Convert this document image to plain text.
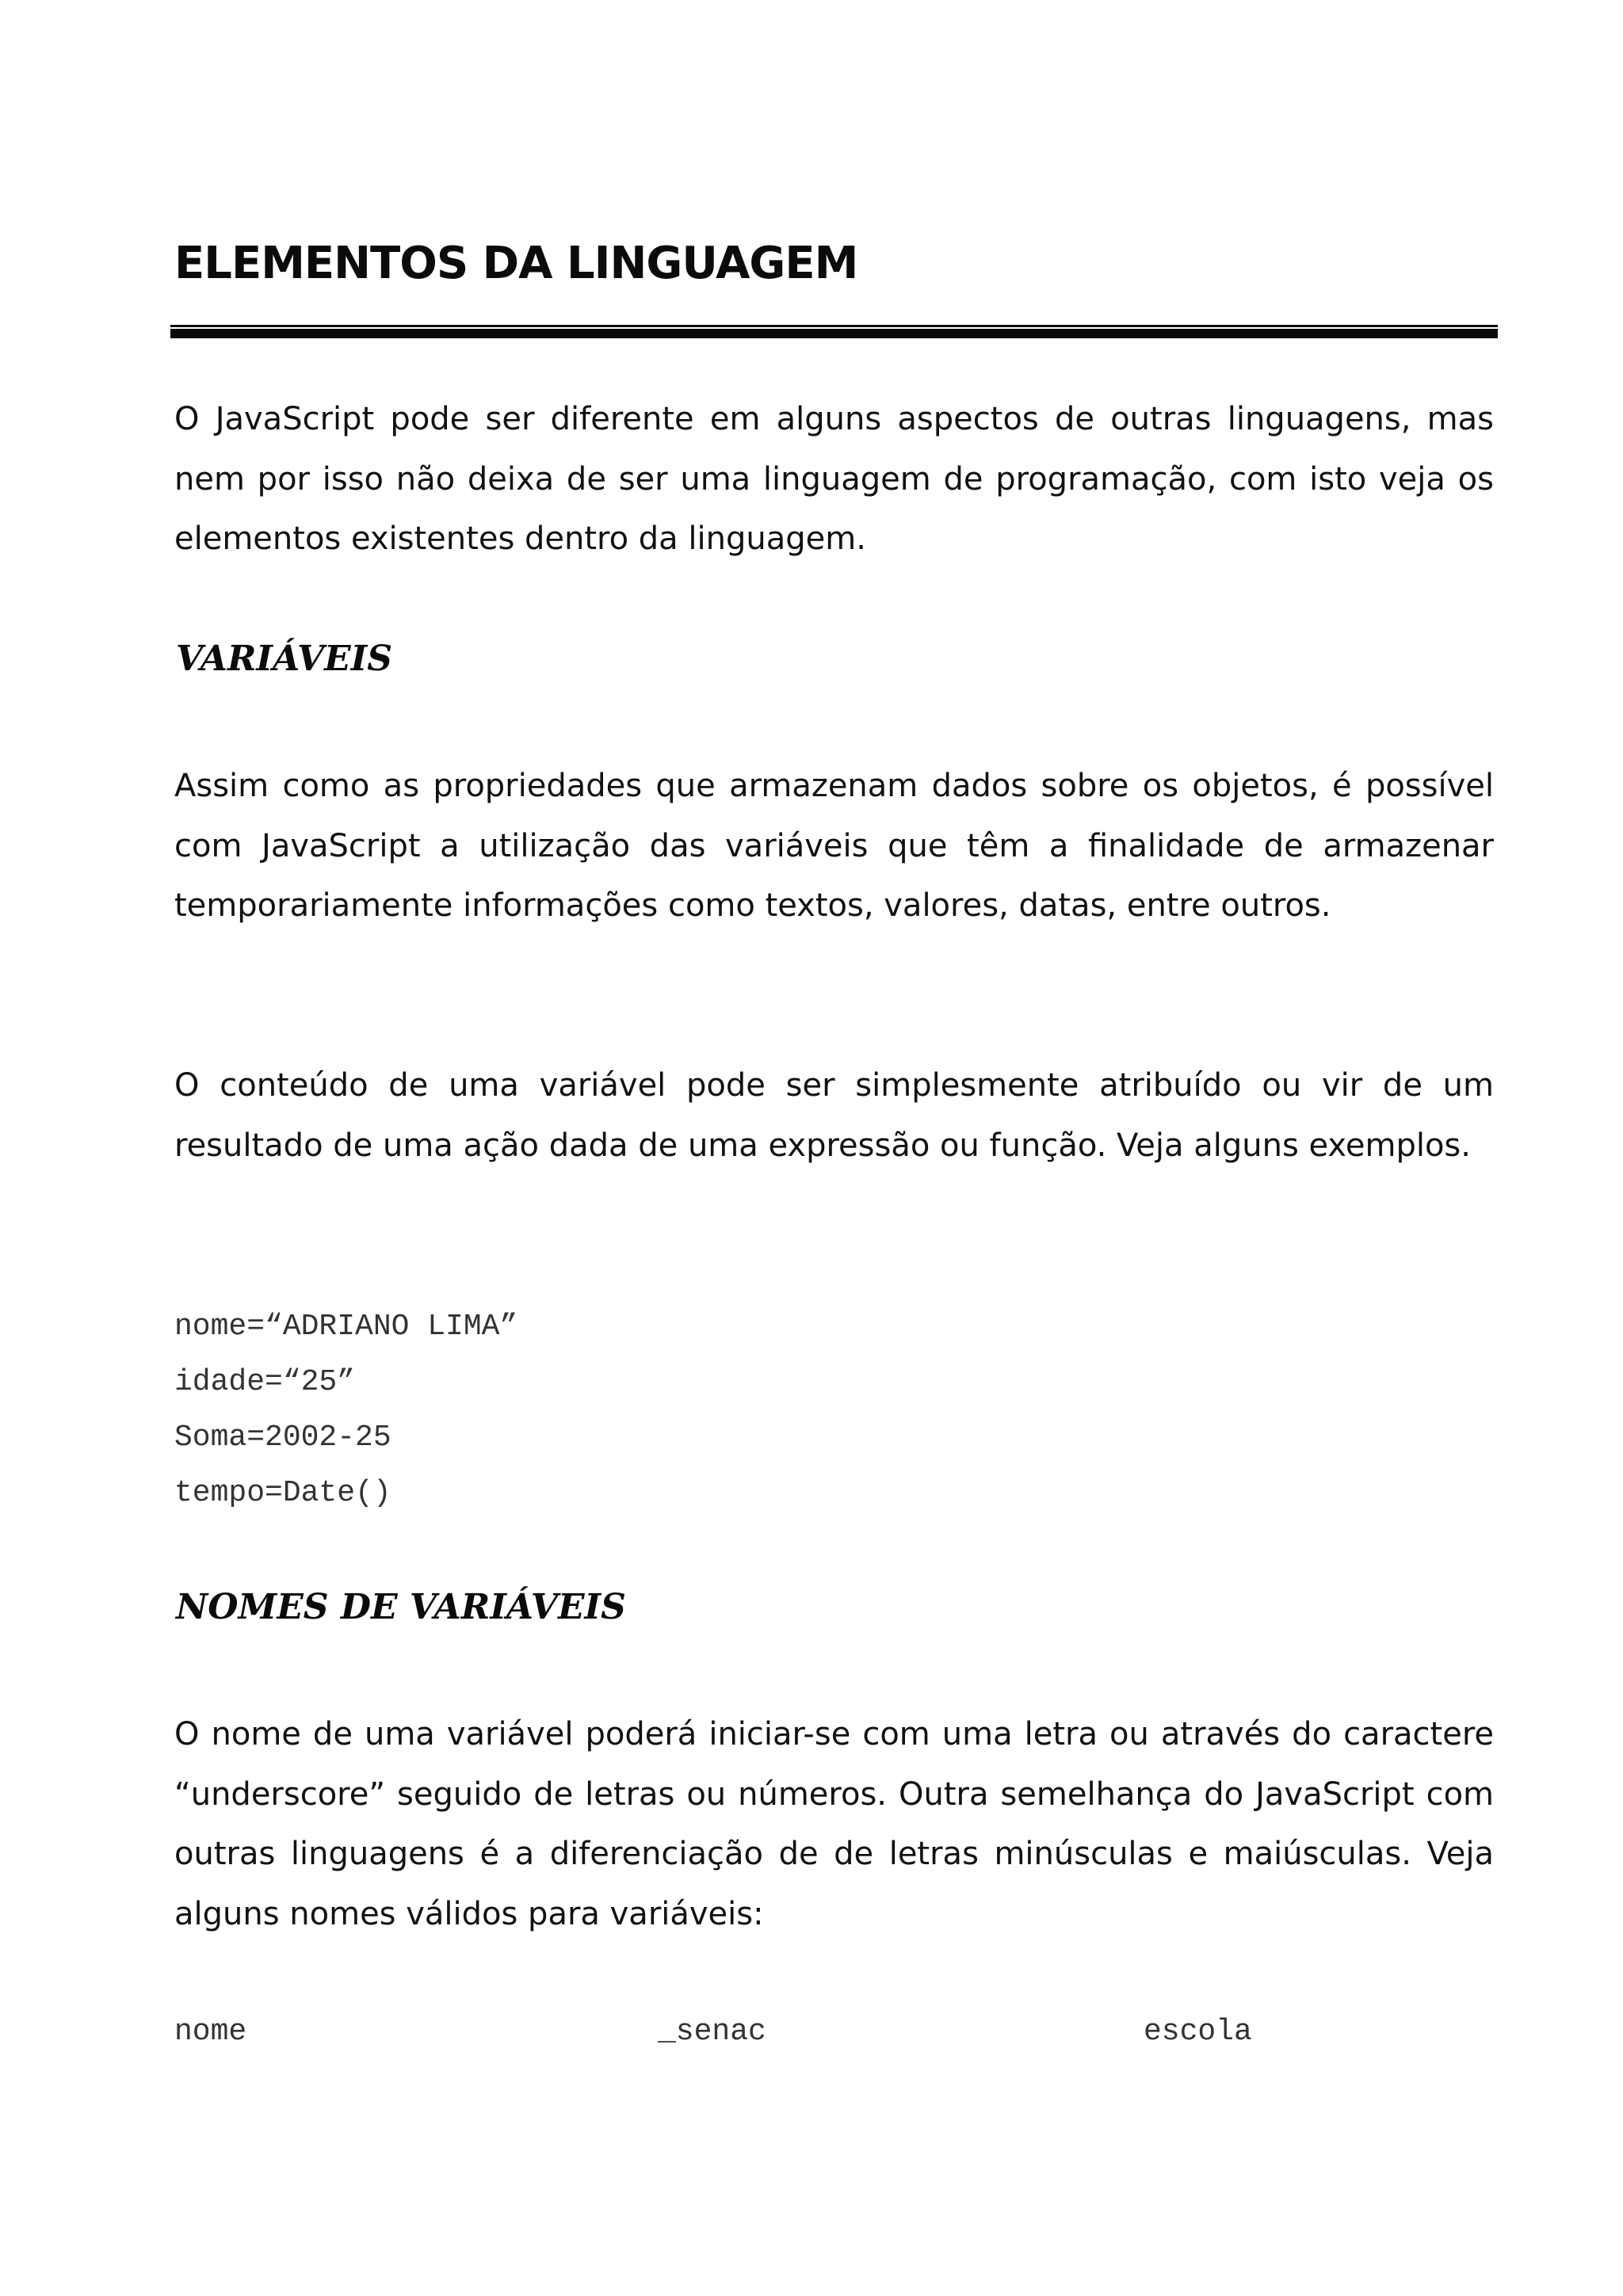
ELEMENTOS DA LINGUAGEM

O JavaScript pode ser diferente em alguns aspectos de outras linguagens, mas nem por isso não deixa de ser uma linguagem de programação, com isto veja os elementos existentes dentro da linguagem.

VARIÁVEIS

Assim como as propriedades que armazenam dados sobre os objetos, é possível com JavaScript a utilização das variáveis que têm a finalidade de armazenar temporariamente informações como textos, valores, datas, entre outros.

O conteúdo de uma variável pode ser simplesmente atribuído ou vir de um resultado de uma ação dada de uma expressão ou função. Veja alguns exemplos.

nome=“ADRIANO LIMA”
idade=“25”
Soma=2002-25
tempo=Date()
NOMES DE VARIÁVEIS

O nome de uma variável poderá iniciar-se com uma letra ou através do caractere “underscore” seguido de letras ou números. Outra semelhança do JavaScript com outras linguagens é a diferenciação de de letras minúsculas e maiúsculas. Veja alguns nomes válidos para variáveis:

nome	_senac	escola
